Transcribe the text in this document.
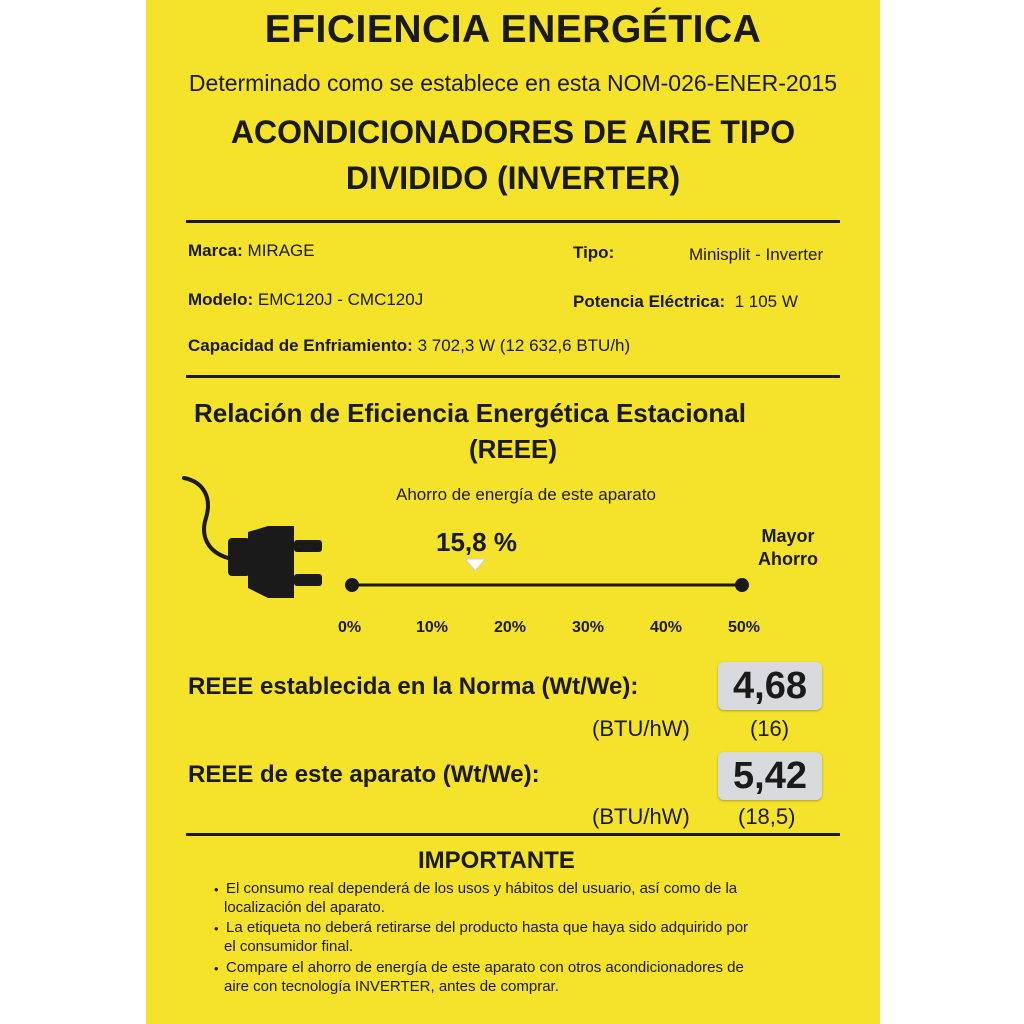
EFICIENCIA ENERGÉTICA
Determinado como se establece en esta NOM-026-ENER-2015
ACONDICIONADORES DE AIRE TIPO
DIVIDIDO (INVERTER)
Marca: MIRAGE	Tipo:	Minisplit - Inverter
Modelo: EMC120J - CMC120J	Potencia Eléctrica: 1 105 W
Capacidad de Enfriamiento: 3 702,3 W (12 632,6 BTU/h)
Relación de Eficiencia Energética Estacional
(REEE)
Ahorro de energía de este aparato
15,8 %	Mayor
Ahorro
0%	10%	20%	30%	40%	50%
REEE establecida en la Norma (Wt/We):	4,68
(BTU/hW)	(16)
REEE de este aparato (Wt/We):	5,42
(BTU/hW) (18,5)
IMPORTANTE
• El consumo real dependerá de los usos y hábitos del usuario, así como de la
localización del aparato.
• La etiqueta no deberá retirarse del producto hasta que haya sido adquirido por
el consumidor final.
• Compare el ahorro de energía de este aparato con otros acondicionadores de
aire con tecnología INVERTER, antes de comprar.
